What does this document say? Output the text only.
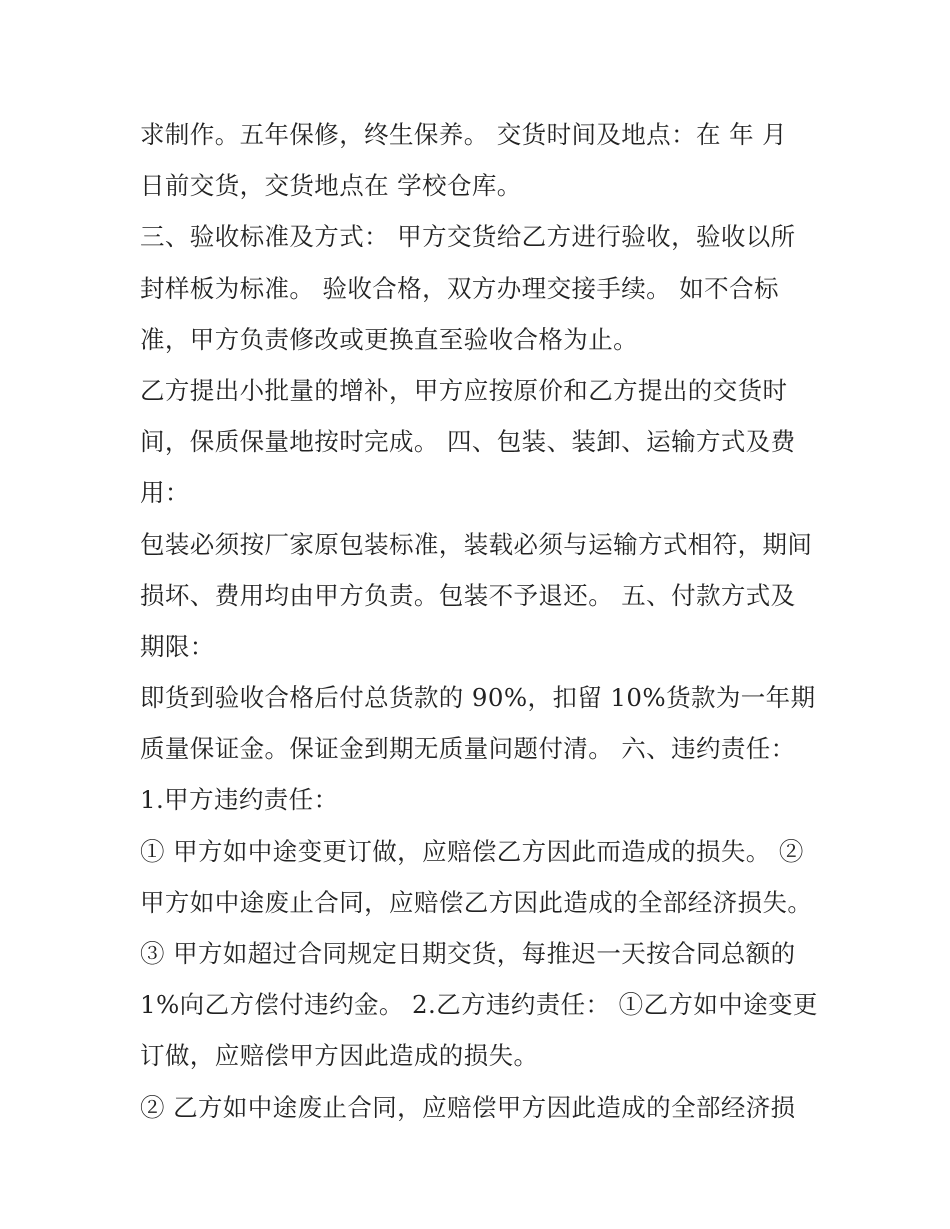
求制作。五年保修，终生保养。 交货时间及地点：在 年 月
日前交货，交货地点在 学校仓库。
三、验收标准及方式： 甲方交货给乙方进行验收，验收以所
封样板为标准。 验收合格，双方办理交接手续。 如不合标
准，甲方负责修改或更换直至验收合格为止。
乙方提出小批量的增补，甲方应按原价和乙方提出的交货时
间，保质保量地按时完成。 四、包装、装卸、运输方式及费
用：
包装必须按厂家原包装标准，装载必须与运输方式相符，期间
损坏、费用均由甲方负责。包装不予退还。 五、付款方式及
期限：
即货到验收合格后付总货款的 90%，扣留 10%货款为一年期
质量保证金。保证金到期无质量问题付清。 六、违约责任：
1.甲方违约责任：
① 甲方如中途变更订做，应赔偿乙方因此而造成的损失。 ②
甲方如中途废止合同，应赔偿乙方因此造成的全部经济损失。
③ 甲方如超过合同规定日期交货，每推迟一天按合同总额的
1%向乙方偿付违约金。 2.乙方违约责任： ①乙方如中途变更
订做，应赔偿甲方因此造成的损失。
② 乙方如中途废止合同，应赔偿甲方因此造成的全部经济损
